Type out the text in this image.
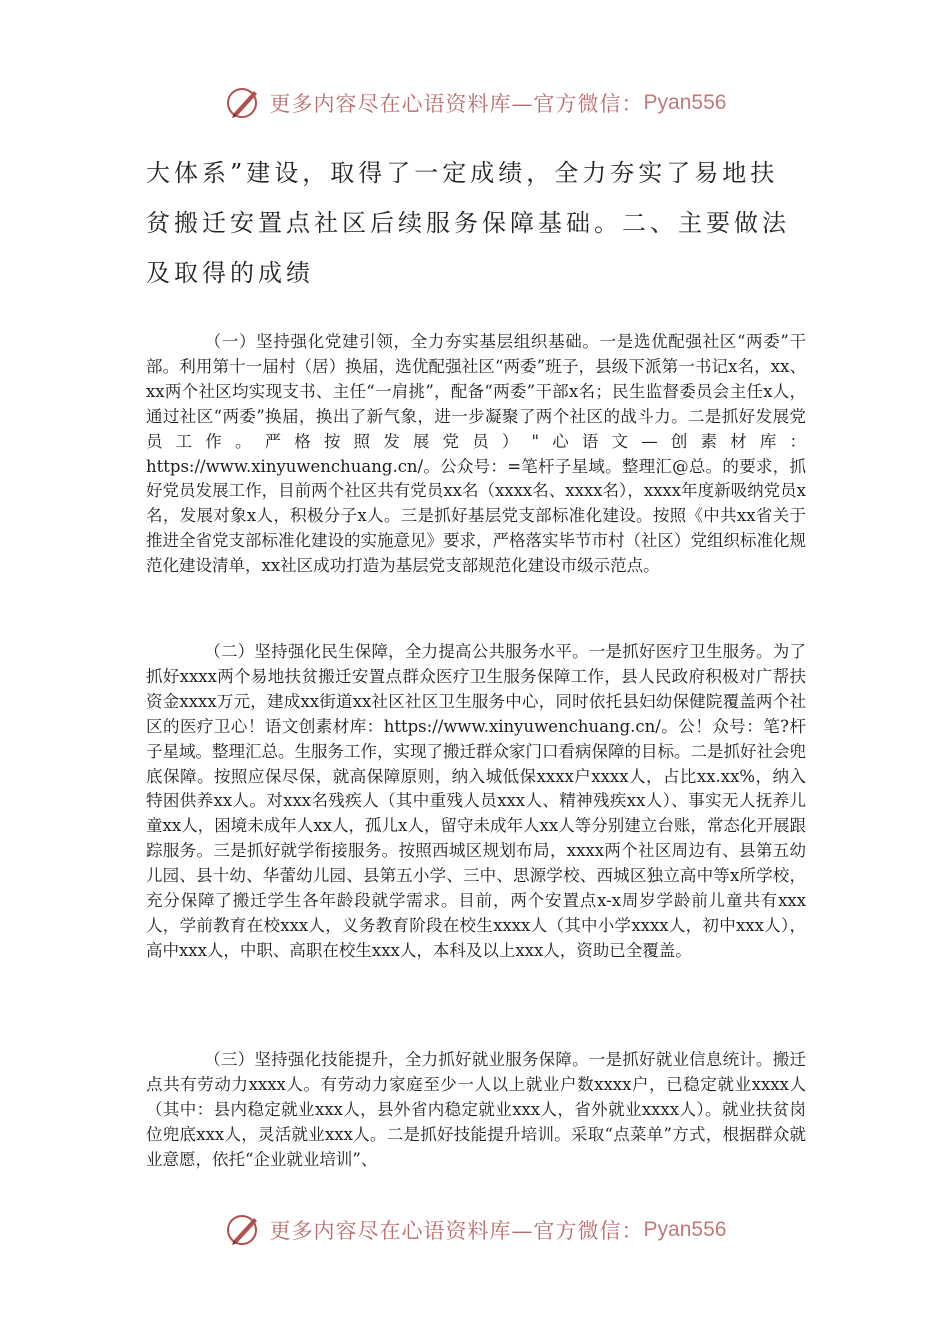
更多内容尽在心语资料库—官方微信： Pyan556
大体系”建设，取得了一定成绩，全力夯实了易地扶贫搬迁安置点社区后续服务保障基础。二、主要做法及取得的成绩
（一）坚持强化党建引领，全力夯实基层组织基础。一是选优配强社区“两委”干部。利用第十一届村（居）换届，选优配强社区“两委”班子，县级下派第一书记x名，xx、xx两个社区均实现支书、主任“一肩挑”，配备“两委”干部x名；民生监督委员会主任x人，通过社区“两委”换届，换出了新气象，进一步凝聚了两个社区的战斗力。二是抓好发展党员工作。严格按照发展党员）"心语文—创素材库：https://www.xinyuwenchuang.cn/。公众号：=笔杆子星域。整理汇@总。的要求，抓好党员发展工作，目前两个社区共有党员xx名（xxxx名、xxxx名），xxxx年度新吸纳党员x名，发展对象x人，积极分子x人。三是抓好基层党支部标准化建设。按照《中共xx省关于推进全省党支部标准化建设的实施意见》要求，严格落实毕节市村（社区）党组织标准化规范化建设清单，xx社区成功打造为基层党支部规范化建设市级示范点。
（二）坚持强化民生保障，全力提高公共服务水平。一是抓好医疗卫生服务。为了抓好xxxx两个易地扶贫搬迁安置点群众医疗卫生服务保障工作，县人民政府积极对广帮扶资金xxxx万元，建成xx街道xx社区社区卫生服务中心，同时依托县妇幼保健院覆盖两个社区的医疗卫心！语文创素材库：https://www.xinyuwenchuang.cn/。公！众号：笔?杆子星域。整理汇总。生服务工作，实现了搬迁群众家门口看病保障的目标。二是抓好社会兜底保障。按照应保尽保，就高保障原则，纳入城低保xxxx户xxxx人，占比xx.xx%，纳入特困供养xx人。对xxx名残疾人（其中重残人员xxx人、精神残疾xx人）、事实无人抚养儿童xx人，困境未成年人xx人，孤儿x人，留守未成年人xx人等分别建立台账，常态化开展跟踪服务。三是抓好就学衔接服务。按照西城区规划布局，xxxx两个社区周边有、县第五幼儿园、县十幼、华蕾幼儿园、县第五小学、三中、思源学校、西城区独立高中等x所学校，充分保障了搬迁学生各年龄段就学需求。目前，两个安置点x-x周岁学龄前儿童共有xxx人，学前教育在校xxx人，义务教育阶段在校生xxxx人（其中小学xxxx人，初中xxx人），高中xxx人，中职、高职在校生xxx人，本科及以上xxx人，资助已全覆盖。
（三）坚持强化技能提升，全力抓好就业服务保障。一是抓好就业信息统计。搬迁点共有劳动力xxxx人。有劳动力家庭至少一人以上就业户数xxxx户，已稳定就业xxxx人（其中：县内稳定就业xxx人，县外省内稳定就业xxx人，省外就业xxxx人）。就业扶贫岗位兜底xxx人，灵活就业xxx人。二是抓好技能提升培训。采取“点菜单”方式，根据群众就业意愿，依托“企业就业培训”、
更多内容尽在心语资料库—官方微信： Pyan556
